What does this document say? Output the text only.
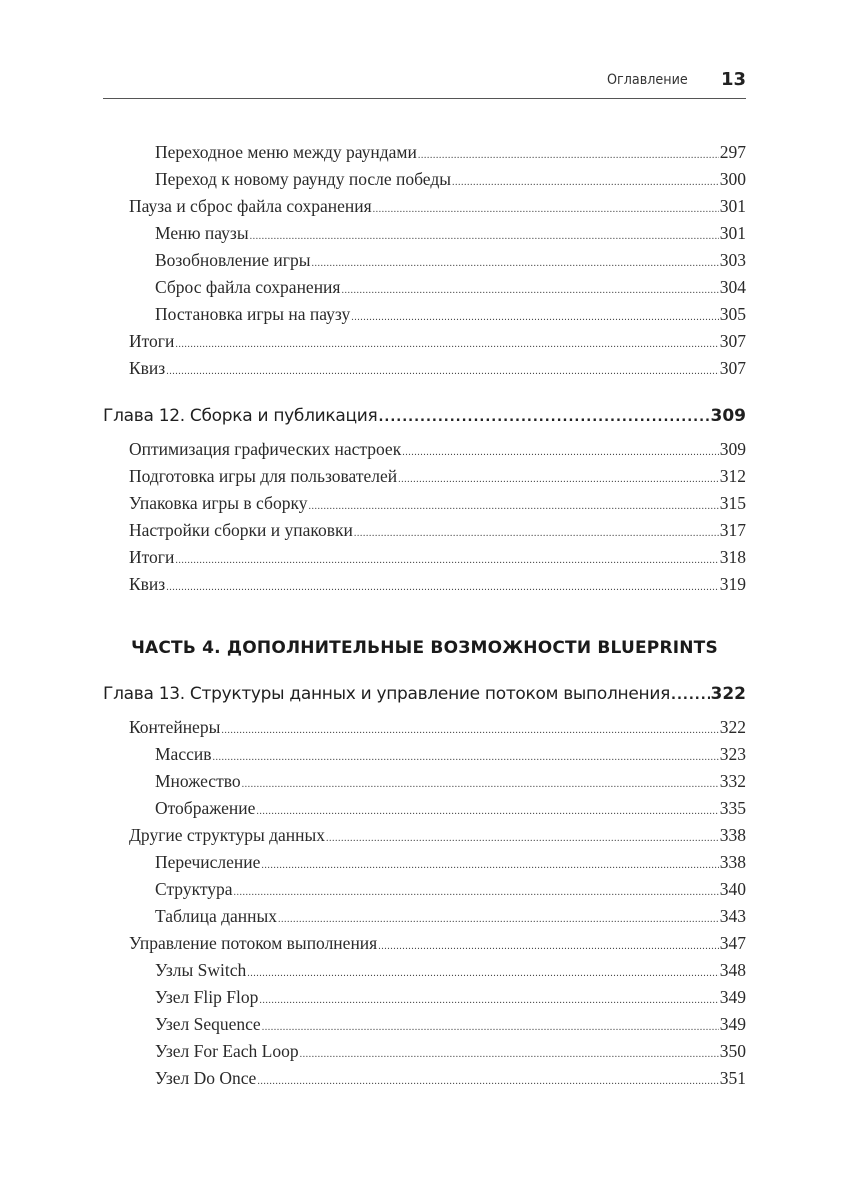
Оглавление 13
Переходное меню между раундами .....	297
Переход к новому раунду после победы .....	300
Пауза и сброс файла сохранения .....	301
Меню паузы .....	301
Возобновление игры .....	303
Сброс файла сохранения .....	304
Постановка игры на паузу .....	305
Итоги .....	307
Квиз .....	307
Глава 12. Сборка и публикация .....	309
Оптимизация графических настроек .....	309
Подготовка игры для пользователей .....	312
Упаковка игры в сборку .....	315
Настройки сборки и упаковки .....	317
Итоги .....	318
Квиз .....	319
ЧАСТЬ 4. ДОПОЛНИТЕЛЬНЫЕ ВОЗМОЖНОСТИ BLUEPRINTS
Глава 13. Структуры данных и управление потоком выполнения ..... 322
Контейнеры .....	322
Массив .....	323
Множество .....	332
Отображение .....	335
Другие структуры данных .....	338
Перечисление .....	338
Структура .....	340
Таблица данных .....	343
Управление потоком выполнения .....	347
Узлы Switch .....	348
Узел Flip Flop .....	349
Узел Sequence .....	349
Узел For Each Loop .....	350
Узел Do Once .....	351
